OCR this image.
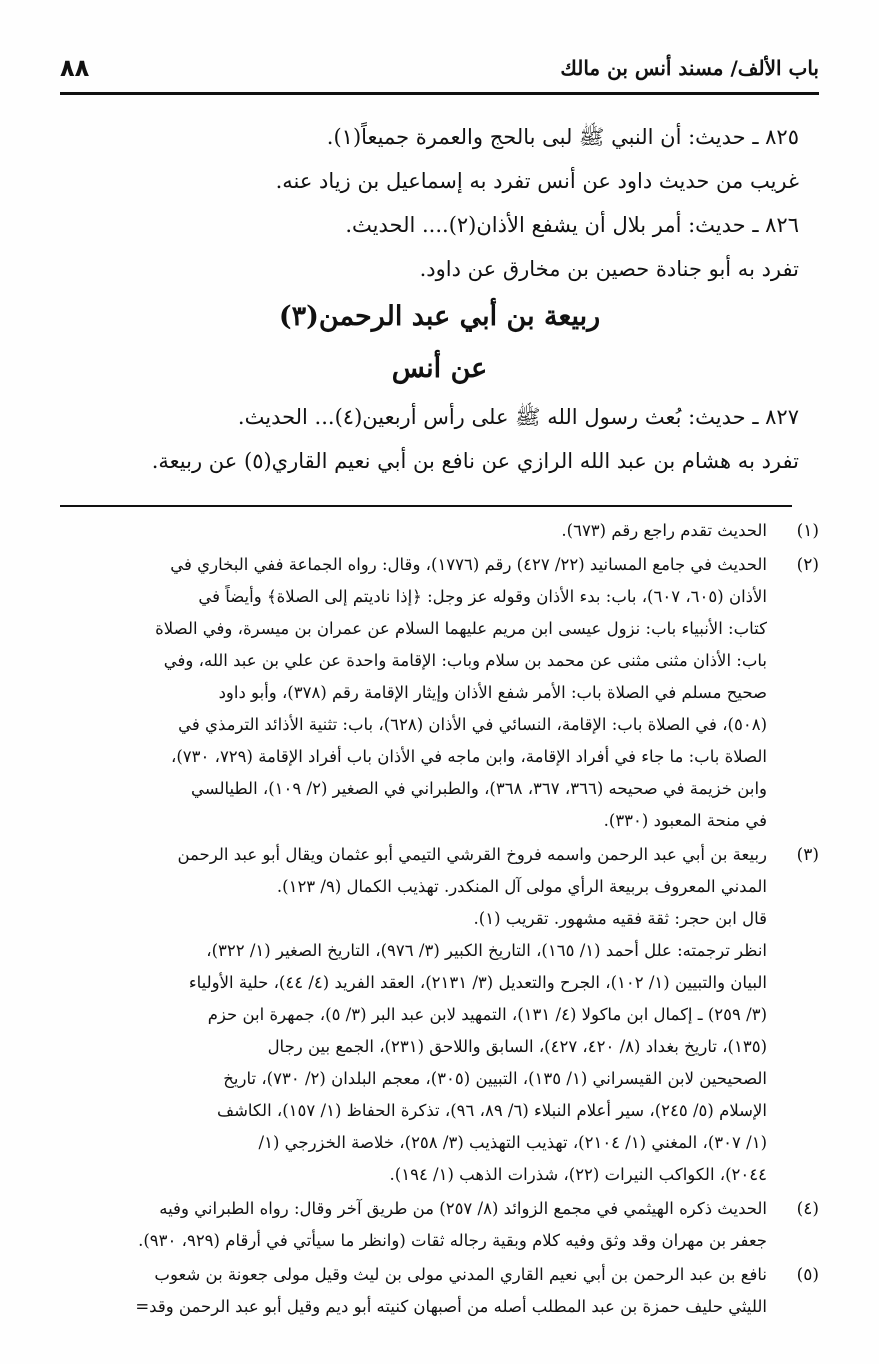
باب الألف/ مسند أنس بن مالك
٨٨
٨٢٥ ـ حديث: أن النبي ﷺ لبى بالحج والعمرة جميعاً(١).
غريب من حديث داود عن أنس تفرد به إسماعيل بن زياد عنه.
٨٢٦ ـ حديث: أمر بلال أن يشفع الأذان(٢).... الحديث.
تفرد به أبو جنادة حصين بن مخارق عن داود.
ربيعة بن أبي عبد الرحمن(٣)
عن أنس
٨٢٧ ـ حديث: بُعث رسول الله ﷺ على رأس أربعين(٤)... الحديث.
تفرد به هشام بن عبد الله الرازي عن نافع بن أبي نعيم القاري(٥) عن ربيعة.
(١)
الحديث تقدم راجع رقم (٦٧٣).
(٢)
الحديث في جامع المسانيد (٢٢/ ٤٢٧) رقم (١٧٧٦)، وقال: رواه الجماعة ففي البخاري في
الأذان (٦٠٥، ٦٠٧)، باب: بدء الأذان وقوله عز وجل: ﴿إذا ناديتم إلى الصلاة﴾ وأيضاً في
كتاب: الأنبياء باب: نزول عيسى ابن مريم عليهما السلام عن عمران بن ميسرة، وفي الصلاة
باب: الأذان مثنى مثنى عن محمد بن سلام وباب: الإقامة واحدة عن علي بن عبد الله، وفي
صحيح مسلم في الصلاة باب: الأمر شفع الأذان وإيثار الإقامة رقم (٣٧٨)، وأبو داود
(٥٠٨)، في الصلاة باب: الإقامة، النسائي في الأذان (٦٢٨)، باب: تثنية الأذائد الترمذي في
الصلاة باب: ما جاء في أفراد الإقامة، وابن ماجه في الأذان باب أفراد الإقامة (٧٢٩، ٧٣٠)،
وابن خزيمة في صحيحه (٣٦٦، ٣٦٧، ٣٦٨)، والطبراني في الصغير (٢/ ١٠٩)، الطيالسي
في منحة المعبود (٣٣٠).
(٣)
ربيعة بن أبي عبد الرحمن واسمه فروخ القرشي التيمي أبو عثمان ويقال أبو عبد الرحمن
المدني المعروف بربيعة الرأي مولى آل المنكدر. تهذيب الكمال (٩/ ١٢٣).
قال ابن حجر: ثقة فقيه مشهور. تقريب (١).
انظر ترجمته: علل أحمد (١/ ١٦٥)، التاريخ الكبير (٣/ ٩٧٦)، التاريخ الصغير (١/ ٣٢٢)،
البيان والتبيين (١/ ١٠٢)، الجرح والتعديل (٣/ ٢١٣١)، العقد الفريد (٤/ ٤٤)، حلية الأولياء
(٣/ ٢٥٩) ـ إكمال ابن ماكولا (٤/ ١٣١)، التمهيد لابن عبد البر (٣/ ٥)، جمهرة ابن حزم
(١٣٥)، تاريخ بغداد (٨/ ٤٢٠، ٤٢٧)، السابق واللاحق (٢٣١)، الجمع بين رجال
الصحيحين لابن القيسراني (١/ ١٣٥)، التبيين (٣٠٥)، معجم البلدان (٢/ ٧٣٠)، تاريخ
الإسلام (٥/ ٢٤٥)، سير أعلام النبلاء (٦/ ٨٩، ٩٦)، تذكرة الحفاظ (١/ ١٥٧)، الكاشف
(١/ ٣٠٧)، المغني (١/ ٢١٠٤)، تهذيب التهذيب (٣/ ٢٥٨)، خلاصة الخزرجي (١/
٢٠٤٤)، الكواكب النيرات (٢٢)، شذرات الذهب (١/ ١٩٤).
(٤)
الحديث ذكره الهيثمي في مجمع الزوائد (٨/ ٢٥٧) من طريق آخر وقال: رواه الطبراني وفيه
جعفر بن مهران وقد وثق وفيه كلام وبقية رجاله ثقات (وانظر ما سيأتي في أرقام (٩٢٩، ٩٣٠).
(٥)
نافع بن عبد الرحمن بن أبي نعيم القاري المدني مولى بن ليث وقيل مولى جعونة بن شعوب
الليثي حليف حمزة بن عبد المطلب أصله من أصبهان كنيته أبو ديم وقيل أبو عبد الرحمن وقد=
